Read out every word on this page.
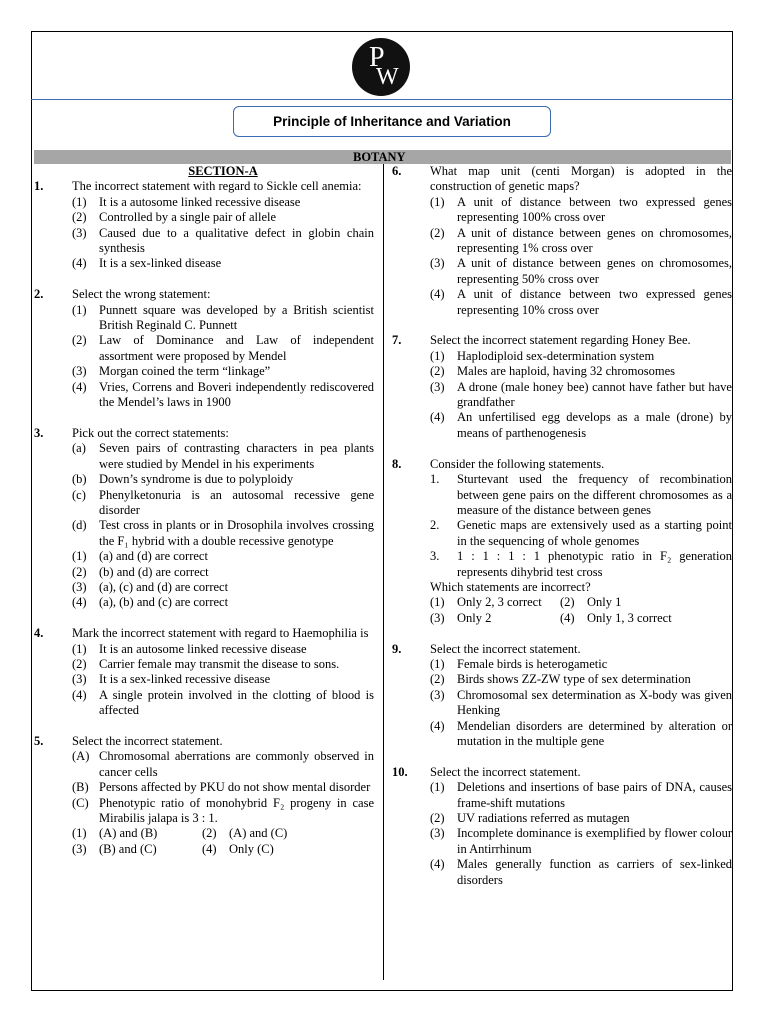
P
W
Principle of Inheritance and Variation
BOTANY
SECTION-A
1.	The incorrect statement with regard to Sickle cell anemia:
(1) It is a autosome linked recessive disease
(2) Controlled by a single pair of allele
(3) Caused due to a qualitative defect in globin chain synthesis
(4) It is a sex-linked disease
2.	Select the wrong statement:
(1) Punnett square was developed by a British scientist British Reginald C. Punnett
(2) Law of Dominance and Law of independent assortment were proposed by Mendel
(3) Morgan coined the term “linkage”
(4) Vries, Correns and Boveri independently rediscovered the Mendel’s laws in 1900
3.	Pick out the correct statements:
(a)	Seven pairs of contrasting characters in pea plants were studied by Mendel in his experiments
(b) Down’s syndrome is due to polyploidy
(c)	Phenylketonuria is an autosomal recessive gene disorder
(d) Test cross in plants or in Drosophila involves crossing the F₁ hybrid with a double recessive genotype
(1) (a) and (d) are correct
(2) (b) and (d) are correct
(3) (a), (c) and (d) are correct
(4) (a), (b) and (c) are correct
4.	Mark the incorrect statement with regard to Haemophilia is
(1) It is an autosome linked recessive disease
(2) Carrier female may transmit the disease to sons.
(3) It is a sex-linked recessive disease
(4) A single protein involved in the clotting of blood is affected
5.	Select the incorrect statement.
(A) Chromosomal aberrations are commonly observed in cancer cells
(B) Persons affected by PKU do not show mental disorder
(C) Phenotypic ratio of monohybrid F₂ progeny in case Mirabilis jalapa is 3 : 1.
(1) (A) and (B)	(2) (A) and (C)
(3) (B) and (C)	(4) Only (C)
6.	What map unit (centi Morgan) is adopted in the construction of genetic maps?
(1) A unit of distance between two expressed genes representing 100% cross over
(2) A unit of distance between genes on chromosomes, representing 1% cross over
(3) A unit of distance between genes on chromosomes, representing 50% cross over
(4) A unit of distance between two expressed genes representing 10% cross over
7.	Select the incorrect statement regarding Honey Bee.
(1) Haplodiploid sex-determination system
(2) Males are haploid, having 32 chromosomes
(3) A drone (male honey bee) cannot have father but have grandfather
(4) An unfertilised egg develops as a male (drone) by means of parthenogenesis
8.	Consider the following statements.
1.	Sturtevant used the frequency of recombination between gene pairs on the different chromosomes as a measure of the distance between genes
2.	Genetic maps are extensively used as a starting point in the sequencing of whole genomes
3.	1 : 1 : 1 : 1 phenotypic ratio in F₂ generation represents dihybrid test cross
Which statements are incorrect?
(1) Only 2, 3 correct	(2) Only 1
(3) Only 2	(4) Only 1, 3 correct
9.	Select the incorrect statement.
(1) Female birds is heterogametic
(2) Birds shows ZZ-ZW type of sex determination
(3) Chromosomal sex determination as X-body was given Henking
(4) Mendelian disorders are determined by alteration or mutation in the multiple gene
10.	Select the incorrect statement.
(1) Deletions and insertions of base pairs of DNA, causes frame-shift mutations
(2) UV radiations referred as mutagen
(3) Incomplete dominance is exemplified by flower colour in Antirrhinum
(4) Males generally function as carriers of sex-linked disorders
